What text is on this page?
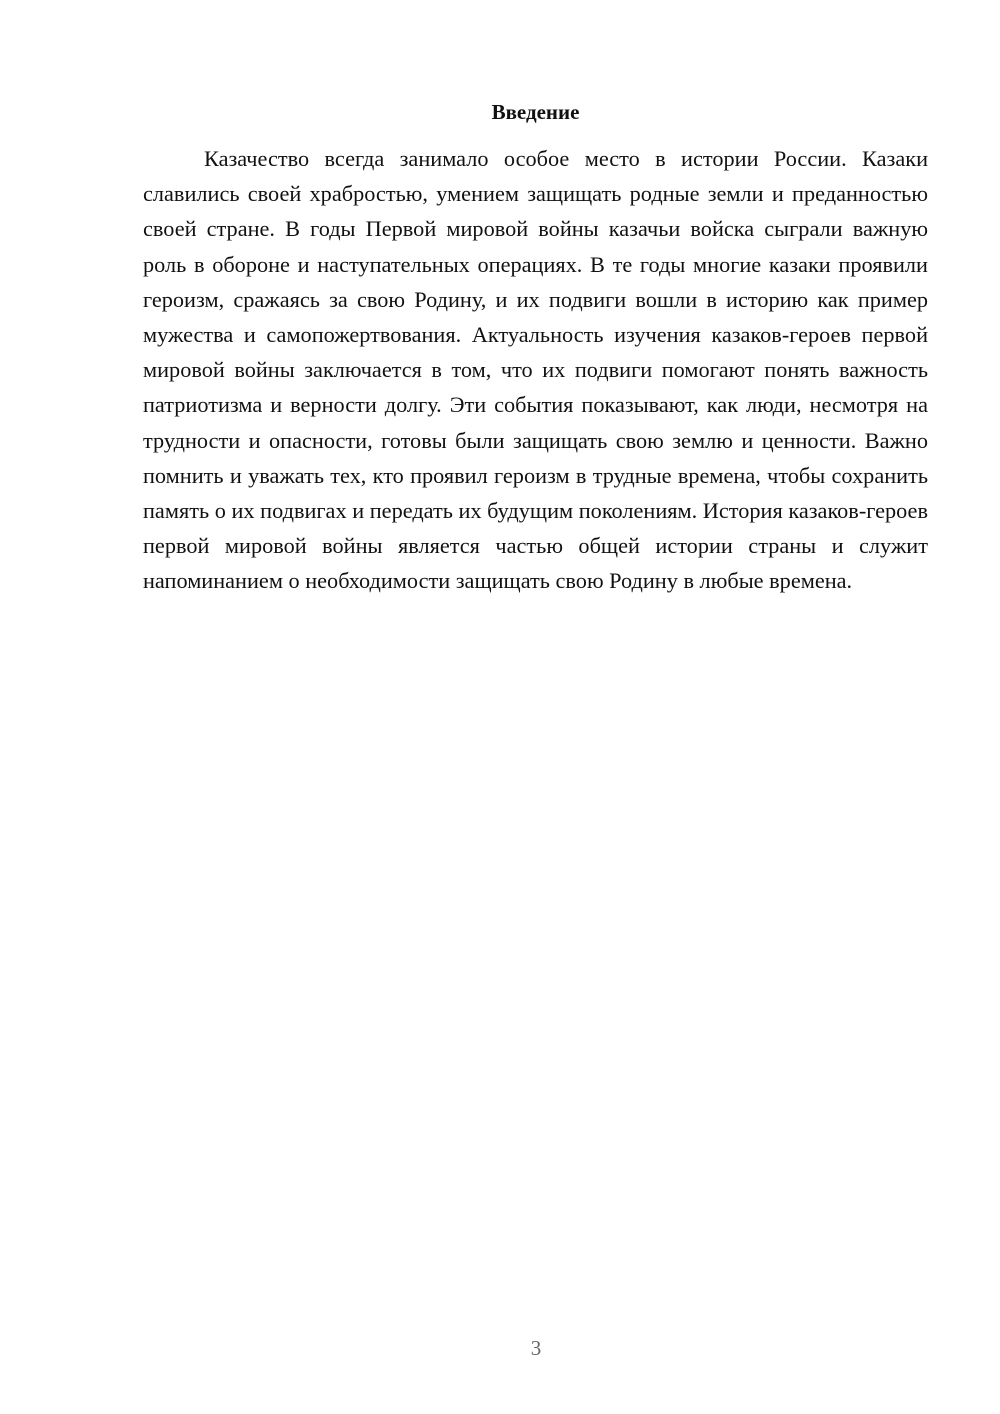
Введение

Казачество всегда занимало особое место в истории России. Казаки славились своей храбростью, умением защищать родные земли и преданностью своей стране. В годы Первой мировой войны казачьи войска сыграли важную роль в обороне и наступательных операциях. В те годы многие казаки проявили героизм, сражаясь за свою Родину, и их подвиги вошли в историю как пример мужества и самопожертвования. Актуальность изучения казаков-героев первой мировой войны заключается в том, что их подвиги помогают понять важность патриотизма и верности долгу. Эти события показывают, как люди, несмотря на трудности и опасности, готовы были защищать свою землю и ценности. Важно помнить и уважать тех, кто проявил героизм в трудные времена, чтобы сохранить память о их подвигах и передать их будущим поколениям. История казаков-героев первой мировой войны является частью общей истории страны и служит напоминанием о необходимости защищать свою Родину в любые времена.

3
